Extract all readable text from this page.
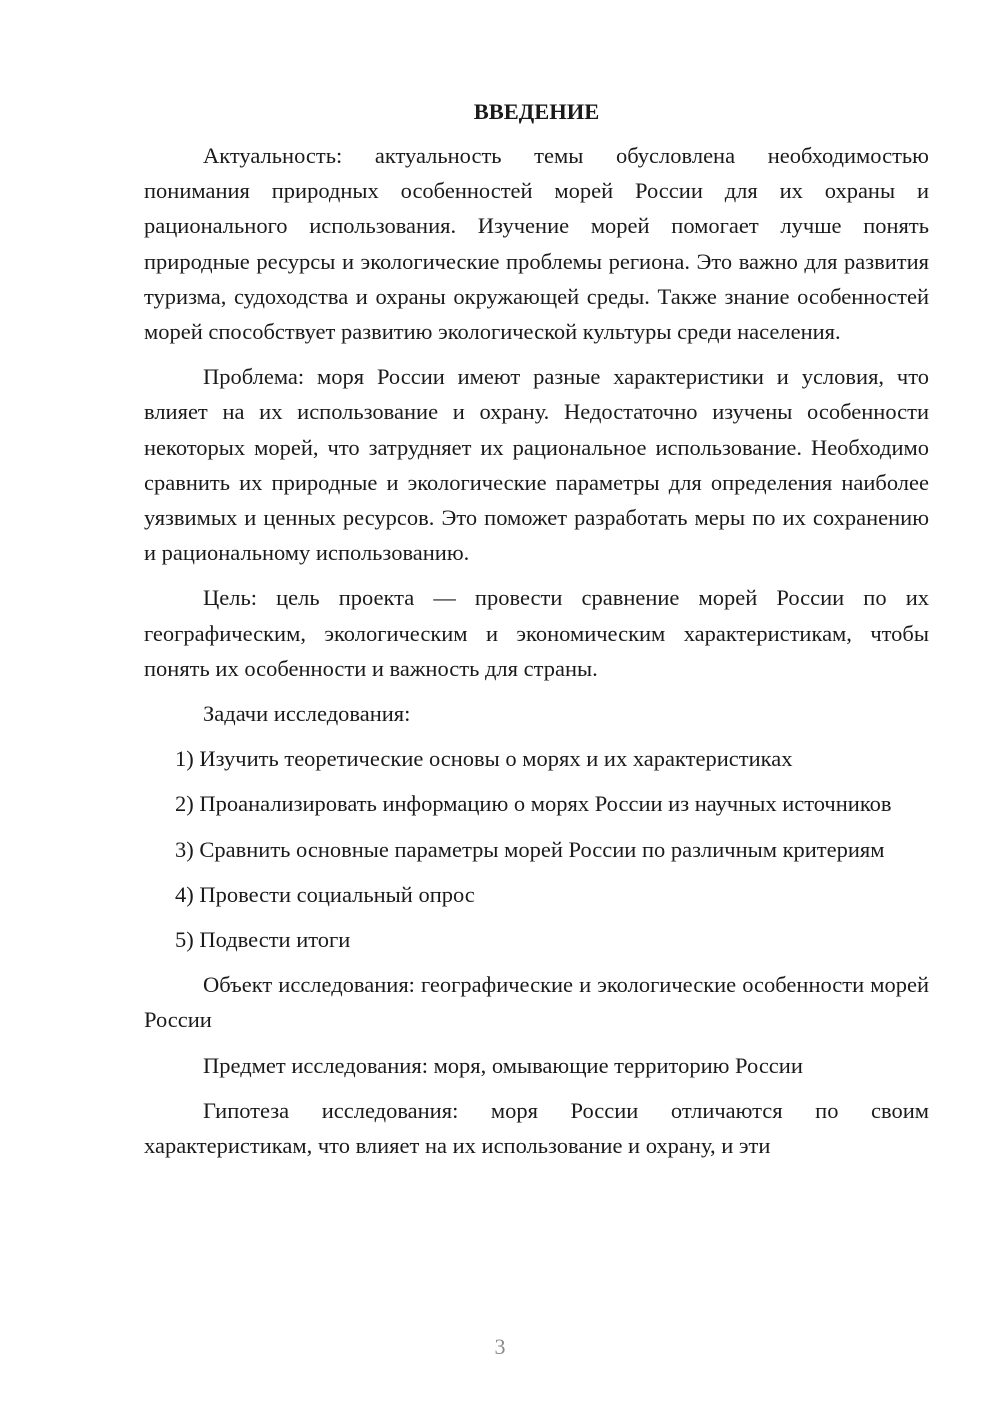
ВВЕДЕНИЕ

Актуальность: актуальность темы обусловлена необходимостью понимания природных особенностей морей России для их охраны и рационального использования. Изучение морей помогает лучше понять природные ресурсы и экологические проблемы региона. Это важно для развития туризма, судоходства и охраны окружающей среды. Также знание особенностей морей способствует развитию экологической культуры среди населения.

Проблема: моря России имеют разные характеристики и условия, что влияет на их использование и охрану. Недостаточно изучены особенности некоторых морей, что затрудняет их рациональное использование. Необходимо сравнить их природные и экологические параметры для определения наиболее уязвимых и ценных ресурсов. Это поможет разработать меры по их сохранению и рациональному использованию.

Цель: цель проекта — провести сравнение морей России по их географическим, экологическим и экономическим характеристикам, чтобы понять их особенности и важность для страны.

Задачи исследования:

1) Изучить теоретические основы о морях и их характеристиках

2) Проанализировать информацию о морях России из научных источников

3) Сравнить основные параметры морей России по различным критериям

4) Провести социальный опрос

5) Подвести итоги

Объект исследования: географические и экологические особенности морей России

Предмет исследования: моря, омывающие территорию России

Гипотеза исследования: моря России отличаются по своим характеристикам, что влияет на их использование и охрану, и эти

3
